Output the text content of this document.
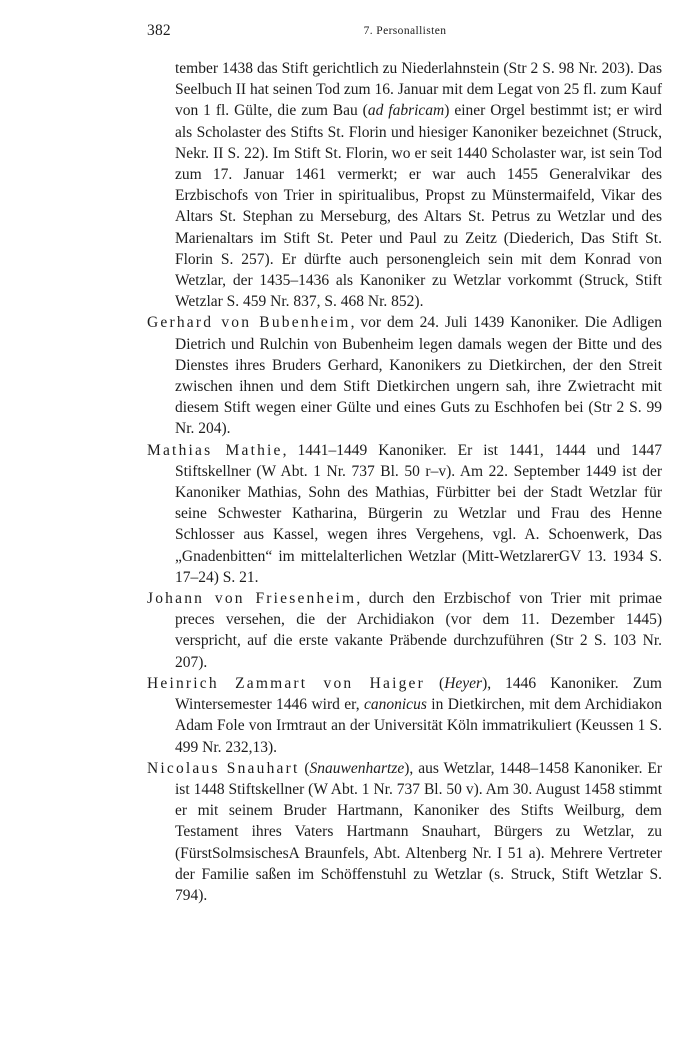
382	7. Personallisten

tember 1438 das Stift gerichtlich zu Niederlahnstein (Str 2 S. 98 Nr. 203). Das Seelbuch II hat seinen Tod zum 16. Januar mit dem Legat von 25 fl. zum Kauf von 1 fl. Gülte, die zum Bau (ad fabricam) einer Orgel bestimmt ist; er wird als Scholaster des Stifts St. Florin und hiesiger Kanoniker bezeichnet (Struck, Nekr. II S. 22). Im Stift St. Florin, wo er seit 1440 Scholaster war, ist sein Tod zum 17. Januar 1461 vermerkt; er war auch 1455 Generalvikar des Erzbischofs von Trier in spiritualibus, Propst zu Münstermaifeld, Vikar des Altars St. Stephan zu Merseburg, des Altars St. Petrus zu Wetzlar und des Marienaltars im Stift St. Peter und Paul zu Zeitz (Diederich, Das Stift St. Florin S. 257). Er dürfte auch personengleich sein mit dem Konrad von Wetzlar, der 1435–1436 als Kanoniker zu Wetzlar vorkommt (Struck, Stift Wetzlar S. 459 Nr. 837, S. 468 Nr. 852).

Gerhard von Bubenheim, vor dem 24. Juli 1439 Kanoniker. Die Adligen Dietrich und Rulchin von Bubenheim legen damals wegen der Bitte und des Dienstes ihres Bruders Gerhard, Kanonikers zu Dietkirchen, der den Streit zwischen ihnen und dem Stift Dietkirchen ungern sah, ihre Zwietracht mit diesem Stift wegen einer Gülte und eines Guts zu Eschhofen bei (Str 2 S. 99 Nr. 204).

Mathias Mathie, 1441–1449 Kanoniker. Er ist 1441, 1444 und 1447 Stiftskellner (W Abt. 1 Nr. 737 Bl. 50 r–v). Am 22. September 1449 ist der Kanoniker Mathias, Sohn des Mathias, Fürbitter bei der Stadt Wetzlar für seine Schwester Katharina, Bürgerin zu Wetzlar und Frau des Henne Schlosser aus Kassel, wegen ihres Vergehens, vgl. A. Schoenwerk, Das „Gnadenbitten“ im mittelalterlichen Wetzlar (Mitt-WetzlarerGV 13. 1934 S. 17–24) S. 21.

Johann von Friesenheim, durch den Erzbischof von Trier mit primae preces versehen, die der Archidiakon (vor dem 11. Dezember 1445) verspricht, auf die erste vakante Präbende durchzuführen (Str 2 S. 103 Nr. 207).

Heinrich Zammart von Haiger (Heyer), 1446 Kanoniker. Zum Wintersemester 1446 wird er, canonicus in Dietkirchen, mit dem Archidiakon Adam Fole von Irmtraut an der Universität Köln immatrikuliert (Keussen 1 S. 499 Nr. 232,13).

Nicolaus Snauhart (Snauwenhartze), aus Wetzlar, 1448–1458 Kanoniker. Er ist 1448 Stiftskellner (W Abt. 1 Nr. 737 Bl. 50 v). Am 30. August 1458 stimmt er mit seinem Bruder Hartmann, Kanoniker des Stifts Weilburg, dem Testament ihres Vaters Hartmann Snauhart, Bürgers zu Wetzlar, zu (FürstSolmsischesA Braunfels, Abt. Altenberg Nr. I 51 a). Mehrere Vertreter der Familie saßen im Schöffenstuhl zu Wetzlar (s. Struck, Stift Wetzlar S. 794).
